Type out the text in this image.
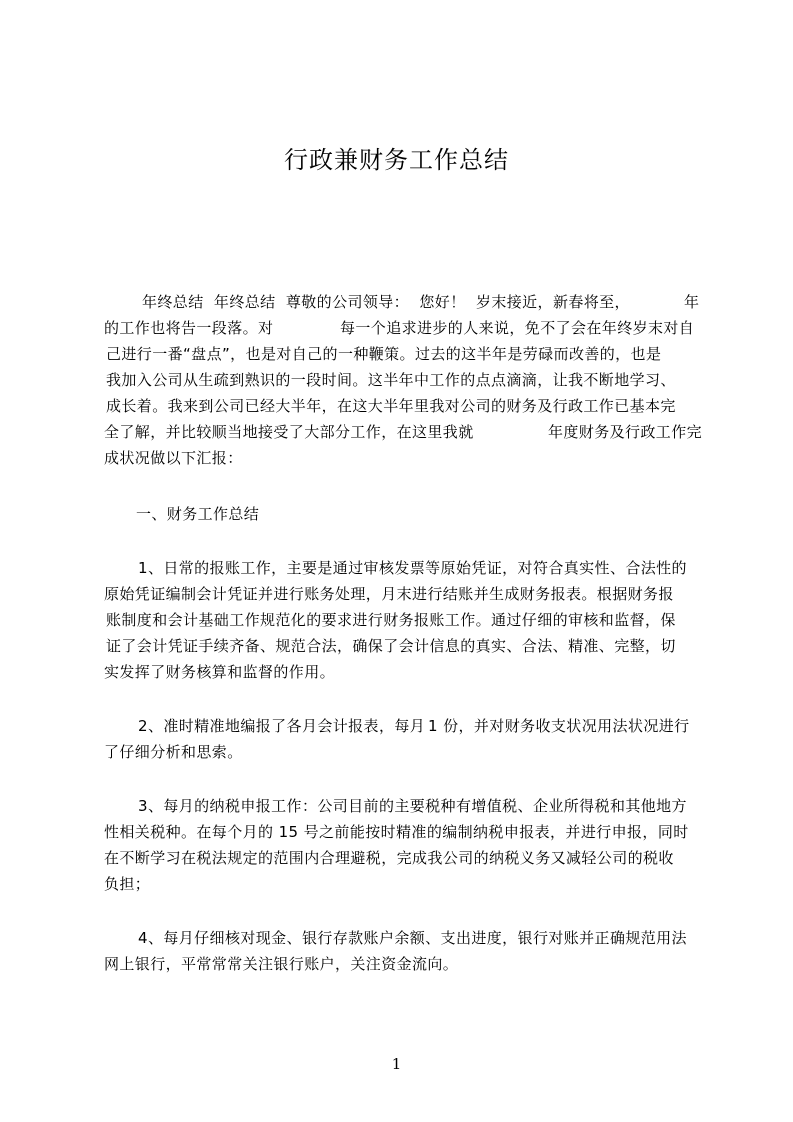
行政兼财务工作总结
年终总结  年终总结  尊敬的公司领导：  您好！  岁末接近，新春将至，	年
的工作也将告一段落。对	每一个追求进步的人来说，免不了会在年终岁末对自
己进行一番“盘点”，也是对自己的一种鞭策。过去的这半年是劳碌而改善的，也是
我加入公司从生疏到熟识的一段时间。这半年中工作的点点滴滴，让我不断地学习、
成长着。我来到公司已经大半年，在这大半年里我对公司的财务及行政工作已基本完
全了解，并比较顺当地接受了大部分工作，在这里我就	年度财务及行政工作完
成状况做以下汇报：
一、财务工作总结
1、日常的报账工作，主要是通过审核发票等原始凭证，对符合真实性、合法性的
原始凭证编制会计凭证并进行账务处理，月末进行结账并生成财务报表。根据财务报
账制度和会计基础工作规范化的要求进行财务报账工作。通过仔细的审核和监督，保
证了会计凭证手续齐备、规范合法，确保了会计信息的真实、合法、精准、完整，切
实发挥了财务核算和监督的作用。
2、准时精准地编报了各月会计报表，每月 1 份，并对财务收支状况用法状况进行
了仔细分析和思索。
3、每月的纳税申报工作：公司目前的主要税种有增值税、企业所得税和其他地方
性相关税种。在每个月的 15 号之前能按时精准的编制纳税申报表，并进行申报，同时
在不断学习在税法规定的范围内合理避税，完成我公司的纳税义务又减轻公司的税收
负担；
4、每月仔细核对现金、银行存款账户余额、支出进度，银行对账并正确规范用法
网上银行，平常常常关注银行账户，关注资金流向。
1
